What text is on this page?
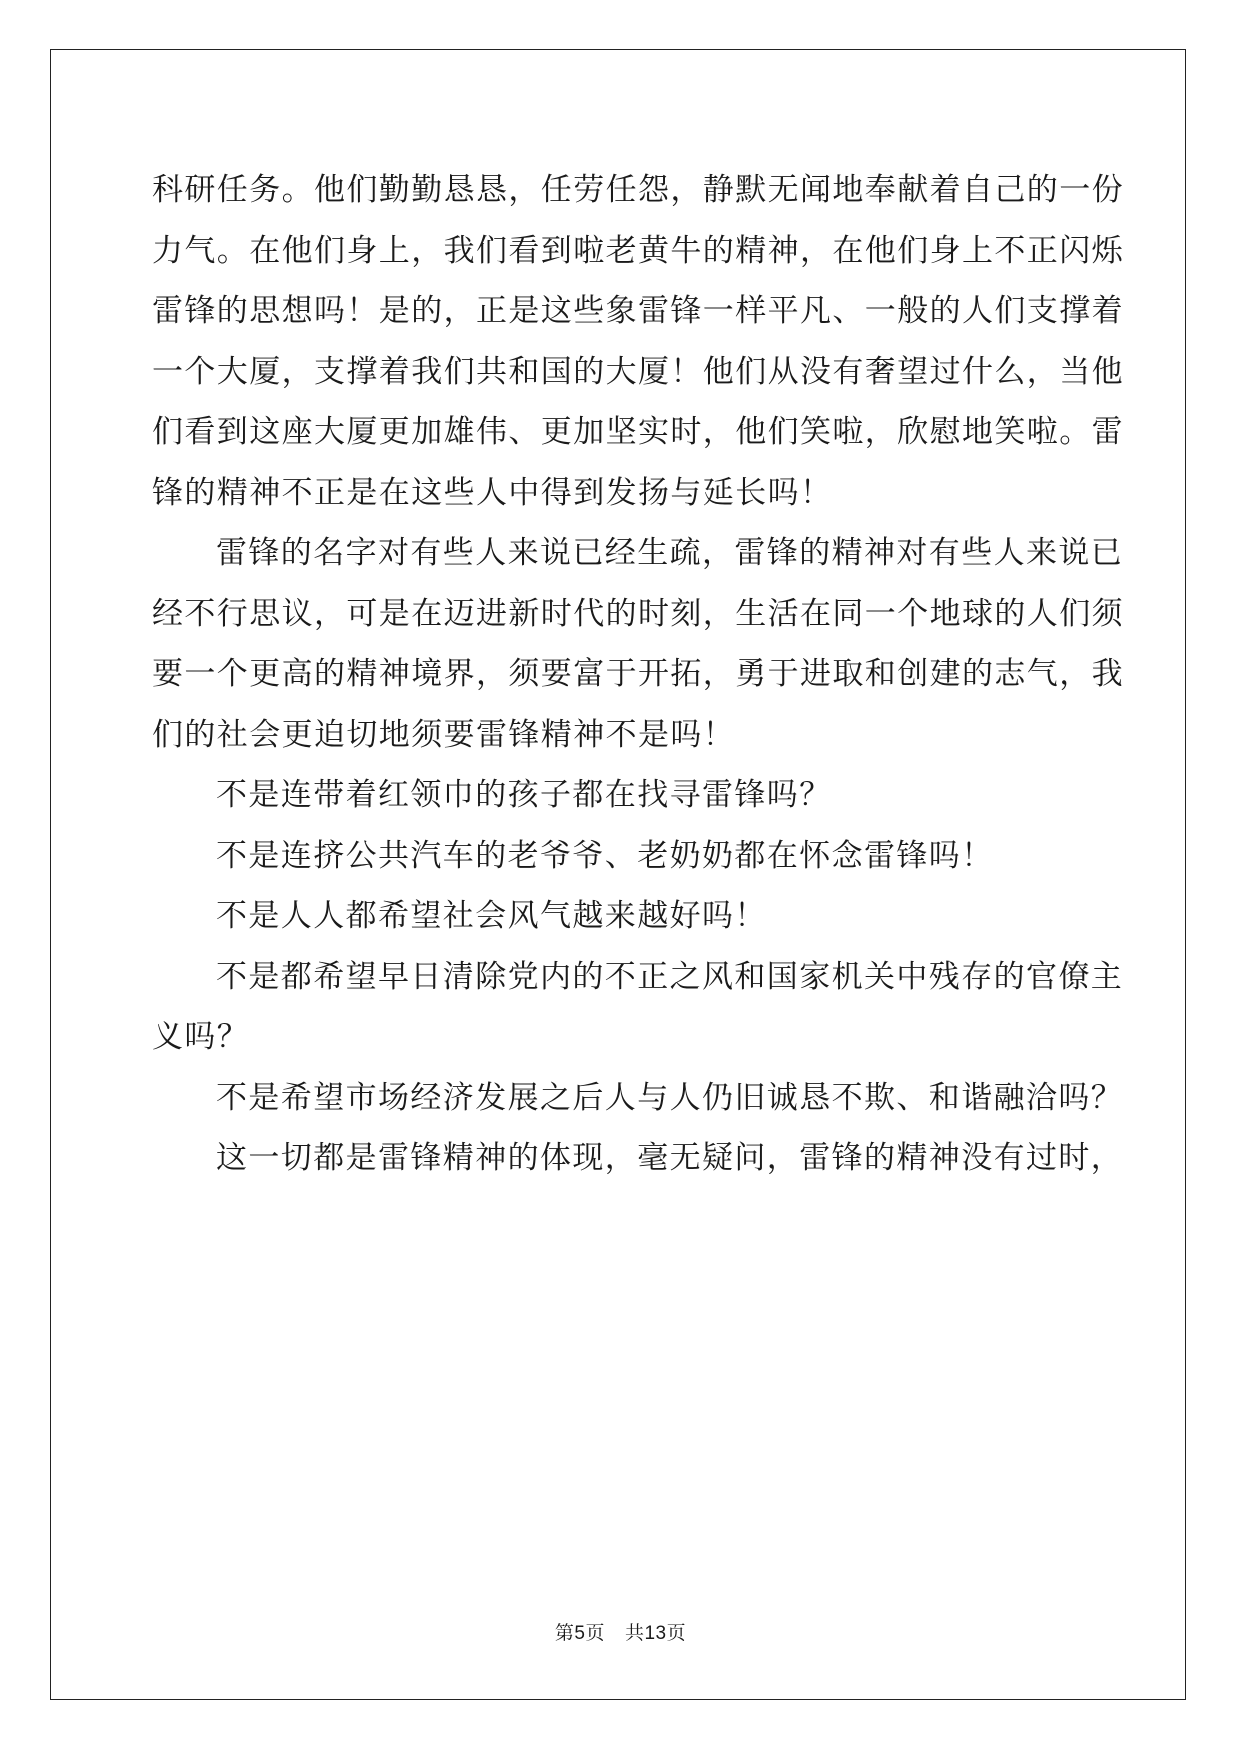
科研任务。他们勤勤恳恳，任劳任怨，静默无闻地奉献着自己的一份
力气。在他们身上，我们看到啦老黄牛的精神，在他们身上不正闪烁
雷锋的思想吗！是的，正是这些象雷锋一样平凡、一般的人们支撑着
一个大厦，支撑着我们共和国的大厦！他们从没有奢望过什么，当他
们看到这座大厦更加雄伟、更加坚实时，他们笑啦，欣慰地笑啦。雷
锋的精神不正是在这些人中得到发扬与延长吗！
雷锋的名字对有些人来说已经生疏，雷锋的精神对有些人来说已
经不行思议，可是在迈进新时代的时刻，生活在同一个地球的人们须
要一个更高的精神境界，须要富于开拓，勇于进取和创建的志气，我
们的社会更迫切地须要雷锋精神不是吗！
不是连带着红领巾的孩子都在找寻雷锋吗？
不是连挤公共汽车的老爷爷、老奶奶都在怀念雷锋吗！
不是人人都希望社会风气越来越好吗！
不是都希望早日清除党内的不正之风和国家机关中残存的官僚主
义吗？
不是希望市场经济发展之后人与人仍旧诚恳不欺、和谐融洽吗？
这一切都是雷锋精神的体现，毫无疑问，雷锋的精神没有过时，
第5页 共13页
